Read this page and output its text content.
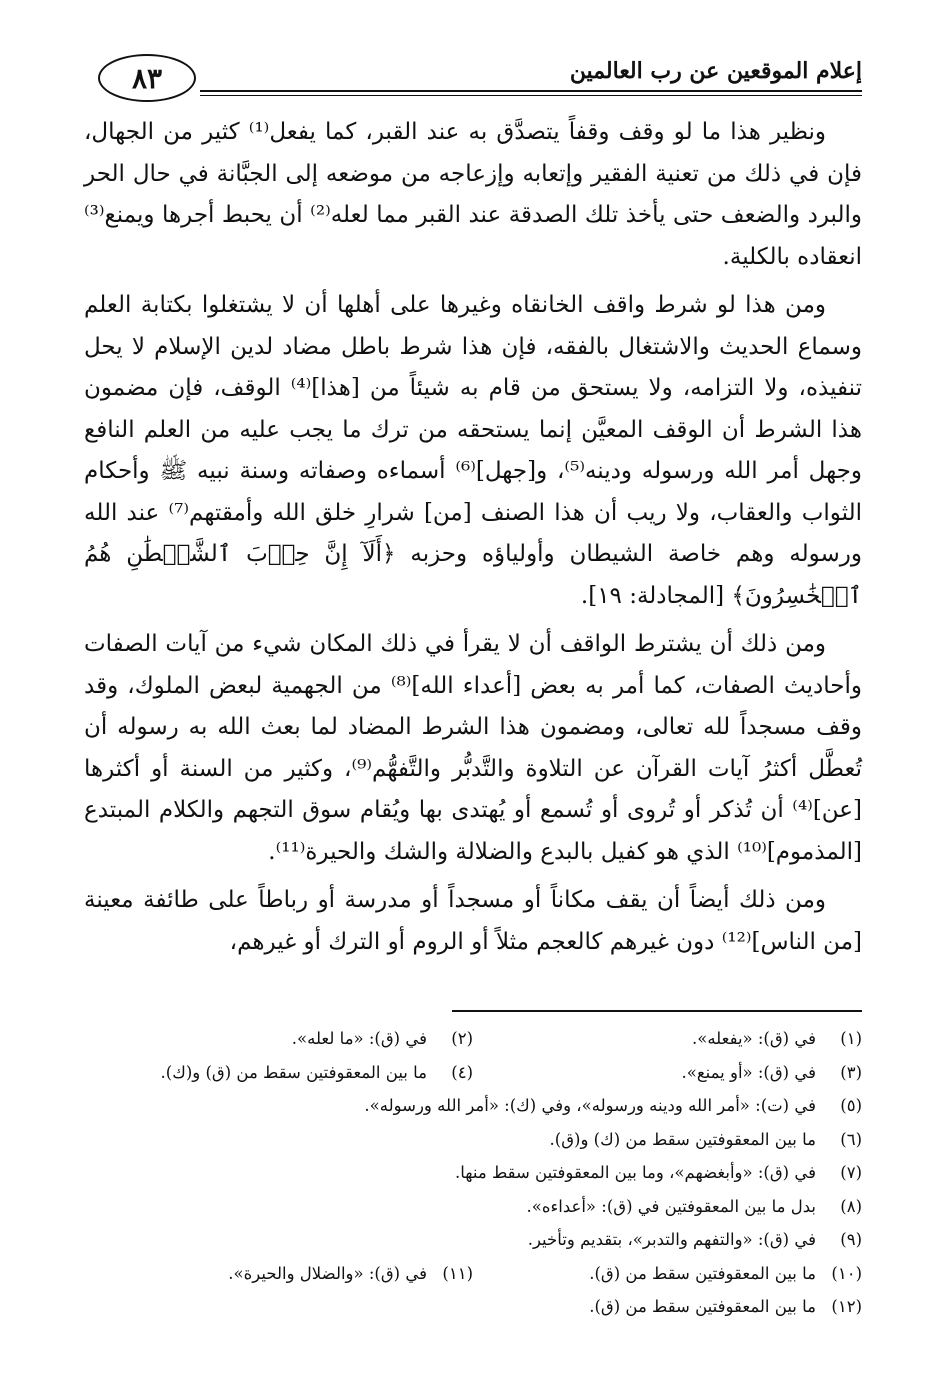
إعلام الموقعين عن رب العالمين
٨٣

ونظير هذا ما لو وقف وقفاً يتصدَّق به عند القبر، كما يفعل⁽¹⁾ كثير من الجهال، فإن في ذلك من تعنية الفقير وإتعابه وإزعاجه من موضعه إلى الجبَّانة في حال الحر والبرد والضعف حتى يأخذ تلك الصدقة عند القبر مما لعله⁽²⁾ أن يحبط أجرها ويمنع⁽³⁾ انعقاده بالكلية.

ومن هذا لو شرط واقف الخانقاه وغيرها على أهلها أن لا يشتغلوا بكتابة العلم وسماع الحديث والاشتغال بالفقه، فإن هذا شرط باطل مضاد لدين الإسلام لا يحل تنفيذه، ولا التزامه، ولا يستحق من قام به شيئاً من [هذا]⁽⁴⁾ الوقف، فإن مضمون هذا الشرط أن الوقف المعيَّن إنما يستحقه من ترك ما يجب عليه من العلم النافع وجهل أمر الله ورسوله ودينه⁽⁵⁾، و[جهل]⁽⁶⁾ أسماءه وصفاته وسنة نبيه ﷺ وأحكام الثواب والعقاب، ولا ريب أن هذا الصنف [من] شرارِ خلق الله وأمقتهم⁽⁷⁾ عند الله ورسوله وهم خاصة الشيطان وأولياؤه وحزبه ﴿أَلَآ إِنَّ حِزۡبَ ٱلشَّيۡطَٰنِ هُمُ ٱلۡخَٰسِرُونَ﴾ [المجادلة: ١٩].

ومن ذلك أن يشترط الواقف أن لا يقرأ في ذلك المكان شيء من آيات الصفات وأحاديث الصفات، كما أمر به بعض [أعداء الله]⁽⁸⁾ من الجهمية لبعض الملوك، وقد وقف مسجداً لله تعالى، ومضمون هذا الشرط المضاد لما بعث الله به رسوله أن تُعطَّل أكثرُ آيات القرآن عن التلاوة والتَّدبُّر والتَّفهُّم⁽⁹⁾، وكثير من السنة أو أكثرها [عن]⁽⁴⁾ أن تُذكر أو تُروى أو تُسمع أو يُهتدى بها ويُقام سوق التجهم والكلام المبتدع [المذموم]⁽¹⁰⁾ الذي هو كفيل بالبدع والضلالة والشك والحيرة⁽¹¹⁾.

ومن ذلك أيضاً أن يقف مكاناً أو مسجداً أو مدرسة أو رباطاً على طائفة معينة [من الناس]⁽¹²⁾ دون غيرهم كالعجم مثلاً أو الروم أو الترك أو غيرهم،

(١)
في (ق): «يفعله».
(٢)
في (ق): «ما لعله».
(٣)
في (ق): «أو يمنع».
(٤)
ما بين المعقوفتين سقط من (ق) و(ك).
(٥)
في (ت): «أمر الله ودينه ورسوله»، وفي (ك): «أمر الله ورسوله».
(٦)
ما بين المعقوفتين سقط من (ك) و(ق).
(٧)
في (ق): «وأبغضهم»، وما بين المعقوفتين سقط منها.
(٨)
بدل ما بين المعقوفتين في (ق): «أعداءه».
(٩)
في (ق): «والتفهم والتدبر»، بتقديم وتأخير.
(١٠)
ما بين المعقوفتين سقط من (ق).
(١١)
في (ق): «والضلال والحيرة».
(١٢)
ما بين المعقوفتين سقط من (ق).
